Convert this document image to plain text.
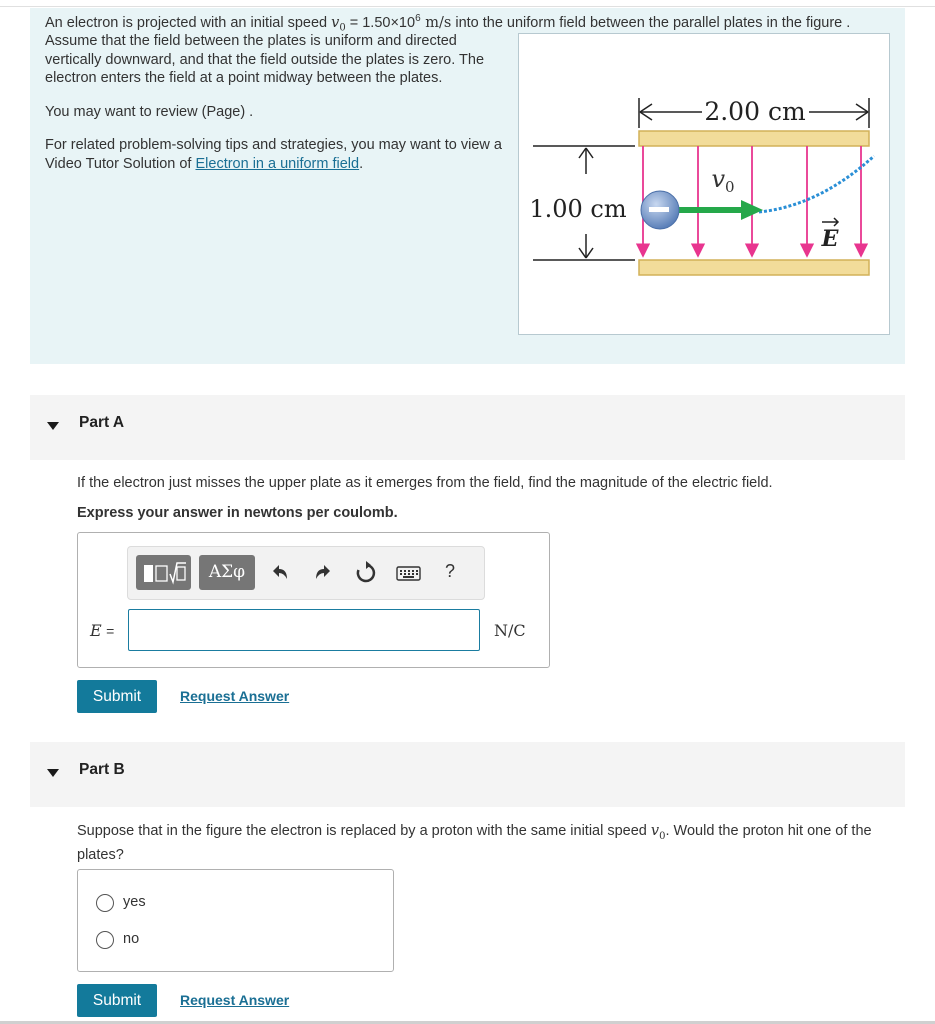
An electron is projected with an initial speed $v_0 = 1.50\times 10^6$ m/s into the uniform field between the parallel plates in the figure .

Assume that the field between the plates is uniform and directed vertically downward, and that the field outside the plates is zero. The electron enters the field at a point midway between the plates.

You may want to review (Page) .

For related problem-solving tips and strategies, you may want to view a Video Tutor Solution of Electron in a uniform field.

2.00 cm
1.00 cm
$v_0$
E
Part A
If the electron just misses the upper plate as it emerges from the field, find the magnitude of the electric field.
Express your answer in newtons per coulomb.
ΑΣφ	?
E =	N/C
Submit	Request Answer
Part B
Suppose that in the figure the electron is replaced by a proton with the same initial speed $v_0$. Would the proton hit one of the plates?
yes
no
Submit	Request Answer
